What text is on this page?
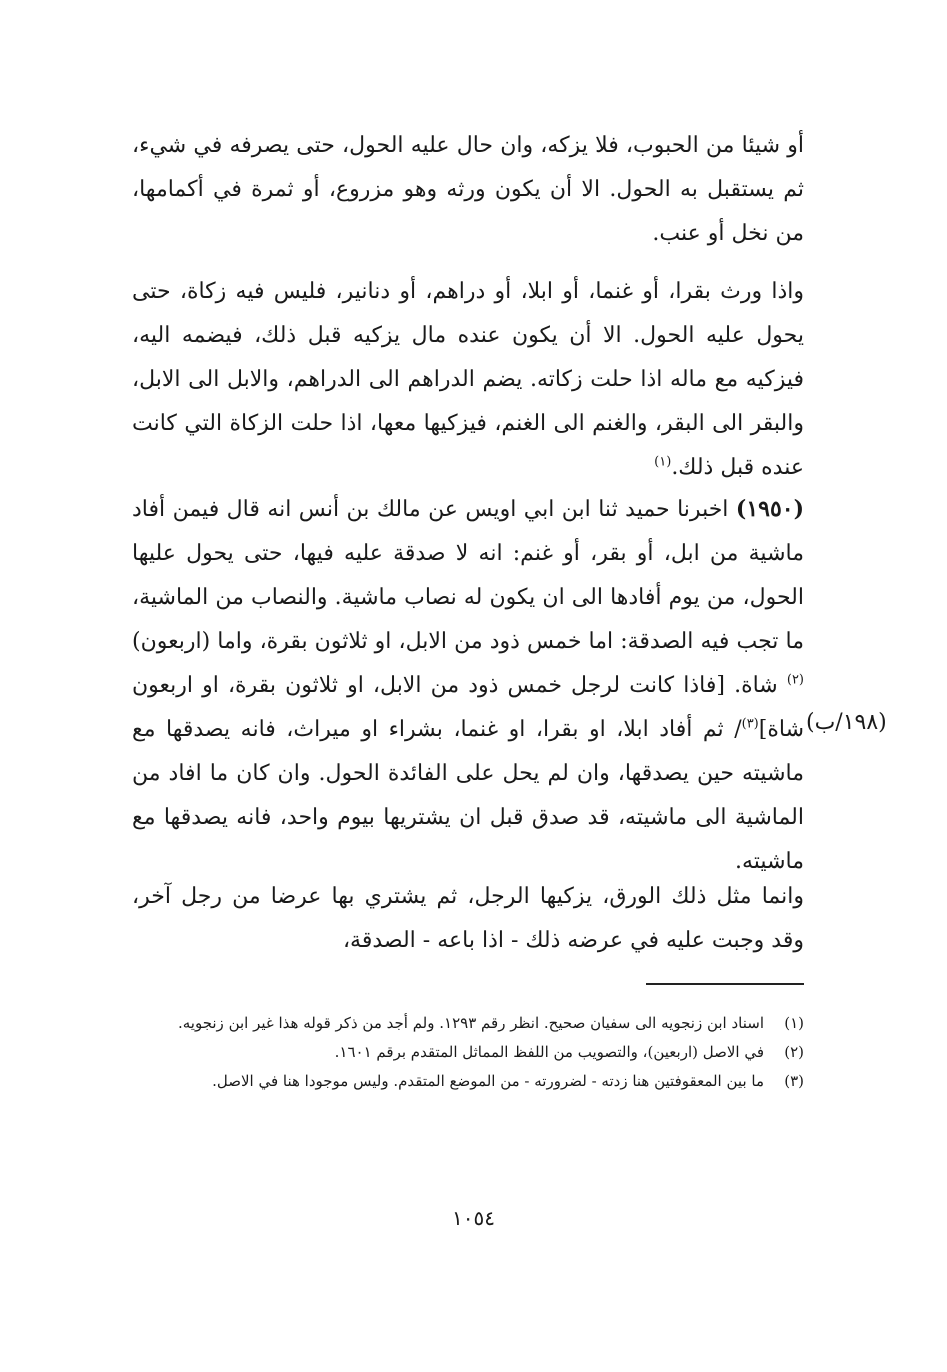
أو شيئا من الحبوب، فلا يزكه، وان حال عليه الحول، حتى يصرفه في شيء، ثم يستقبل به الحول. الا أن يكون ورثه وهو مزروع، أو ثمرة في أكمامها، من نخل أو عنب.

واذا ورث بقرا، أو غنما، أو ابلا، أو دراهم، أو دنانير، فليس فيه زكاة، حتى يحول عليه الحول. الا أن يكون عنده مال يزكيه قبل ذلك، فيضمه اليه، فيزكيه مع ماله اذا حلت زكاته. يضم الدراهم الى الدراهم، والابل الى الابل، والبقر الى البقر، والغنم الى الغنم، فيزكيها معها، اذا حلت الزكاة التي كانت عنده قبل ذلك.$^{(١)}$

(١٩٥٠) اخبرنا حميد ثنا ابن ابي اويس عن مالك بن أنس انه قال فيمن أفاد ماشية من ابل، أو بقر، أو غنم: انه لا صدقة عليه فيها، حتى يحول عليها الحول، من يوم أفادها الى ان يكون له نصاب ماشية. والنصاب من الماشية، ما تجب فيه الصدقة: اما خمس ذود من الابل، او ثلاثون بقرة، واما (اربعون)$^{(٢)}$ شاة. [فاذا كانت لرجل خمس ذود من الابل، او ثلاثون بقرة، او اربعون شاة]$^{(٣)}$/ ثم أفاد ابلا، او بقرا، او غنما، بشراء او ميراث، فانه يصدقها مع ماشيته حين يصدقها، وان لم يحل على الفائدة الحول. وان كان ما افاد من الماشية الى ماشيته، قد صدق قبل ان يشتريها بيوم واحد، فانه يصدقها مع ماشيته.

(١٩٨/ب)

وانما مثل ذلك الورق، يزكيها الرجل، ثم يشتري بها عرضا من رجل آخر، وقد وجبت عليه في عرضه ذلك - اذا باعه - الصدقة،

(١)
اسناد ابن زنجويه الى سفيان صحيح. انظر رقم ١٢٩٣. ولم أجد من ذكر قوله هذا غير ابن زنجويه.
(٢)
في الاصل (اربعين)، والتصويب من اللفظ المماثل المتقدم برقم ١٦٠١.
(٣)
ما بين المعقوفتين هنا زدته - لضرورته - من الموضع المتقدم. وليس موجودا هنا في الاصل.
١٠٥٤
